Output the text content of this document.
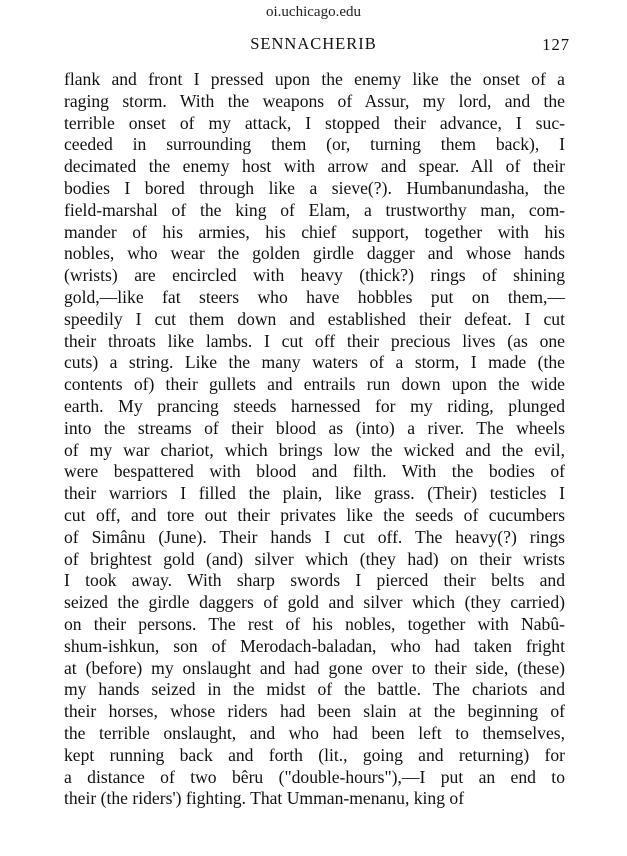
oi.uchicago.edu
SENNACHERIB	127
flank and front I pressed upon the enemy like the onset of a
raging storm. With the weapons of Assur, my lord, and the
terrible onset of my attack, I stopped their advance, I suc-
ceeded in surrounding them (or, turning them back), I
decimated the enemy host with arrow and spear. All of their
bodies I bored through like a sieve(?). Humbanundasha, the
field-marshal of the king of Elam, a trustworthy man, com-
mander of his armies, his chief support, together with his
nobles, who wear the golden girdle dagger and whose hands
(wrists) are encircled with heavy (thick?) rings of shining
gold,—like fat steers who have hobbles put on them,—
speedily I cut them down and established their defeat. I cut
their throats like lambs. I cut off their precious lives (as one
cuts) a string. Like the many waters of a storm, I made (the
contents of) their gullets and entrails run down upon the wide
earth. My prancing steeds harnessed for my riding, plunged
into the streams of their blood as (into) a river. The wheels
of my war chariot, which brings low the wicked and the evil,
were bespattered with blood and filth. With the bodies of
their warriors I filled the plain, like grass. (Their) testicles I
cut off, and tore out their privates like the seeds of cucumbers
of Simânu (June). Their hands I cut off. The heavy(?) rings
of brightest gold (and) silver which (they had) on their wrists
I took away. With sharp swords I pierced their belts and
seized the girdle daggers of gold and silver which (they carried)
on their persons. The rest of his nobles, together with Nabû-
shum-ishkun, son of Merodach-baladan, who had taken fright
at (before) my onslaught and had gone over to their side, (these)
my hands seized in the midst of the battle. The chariots and
their horses, whose riders had been slain at the beginning of
the terrible onslaught, and who had been left to themselves,
kept running back and forth (lit., going and returning) for
a distance of two bêru ("double-hours"),—I put an end to
their (the riders') fighting. That Umman-menanu, king of
